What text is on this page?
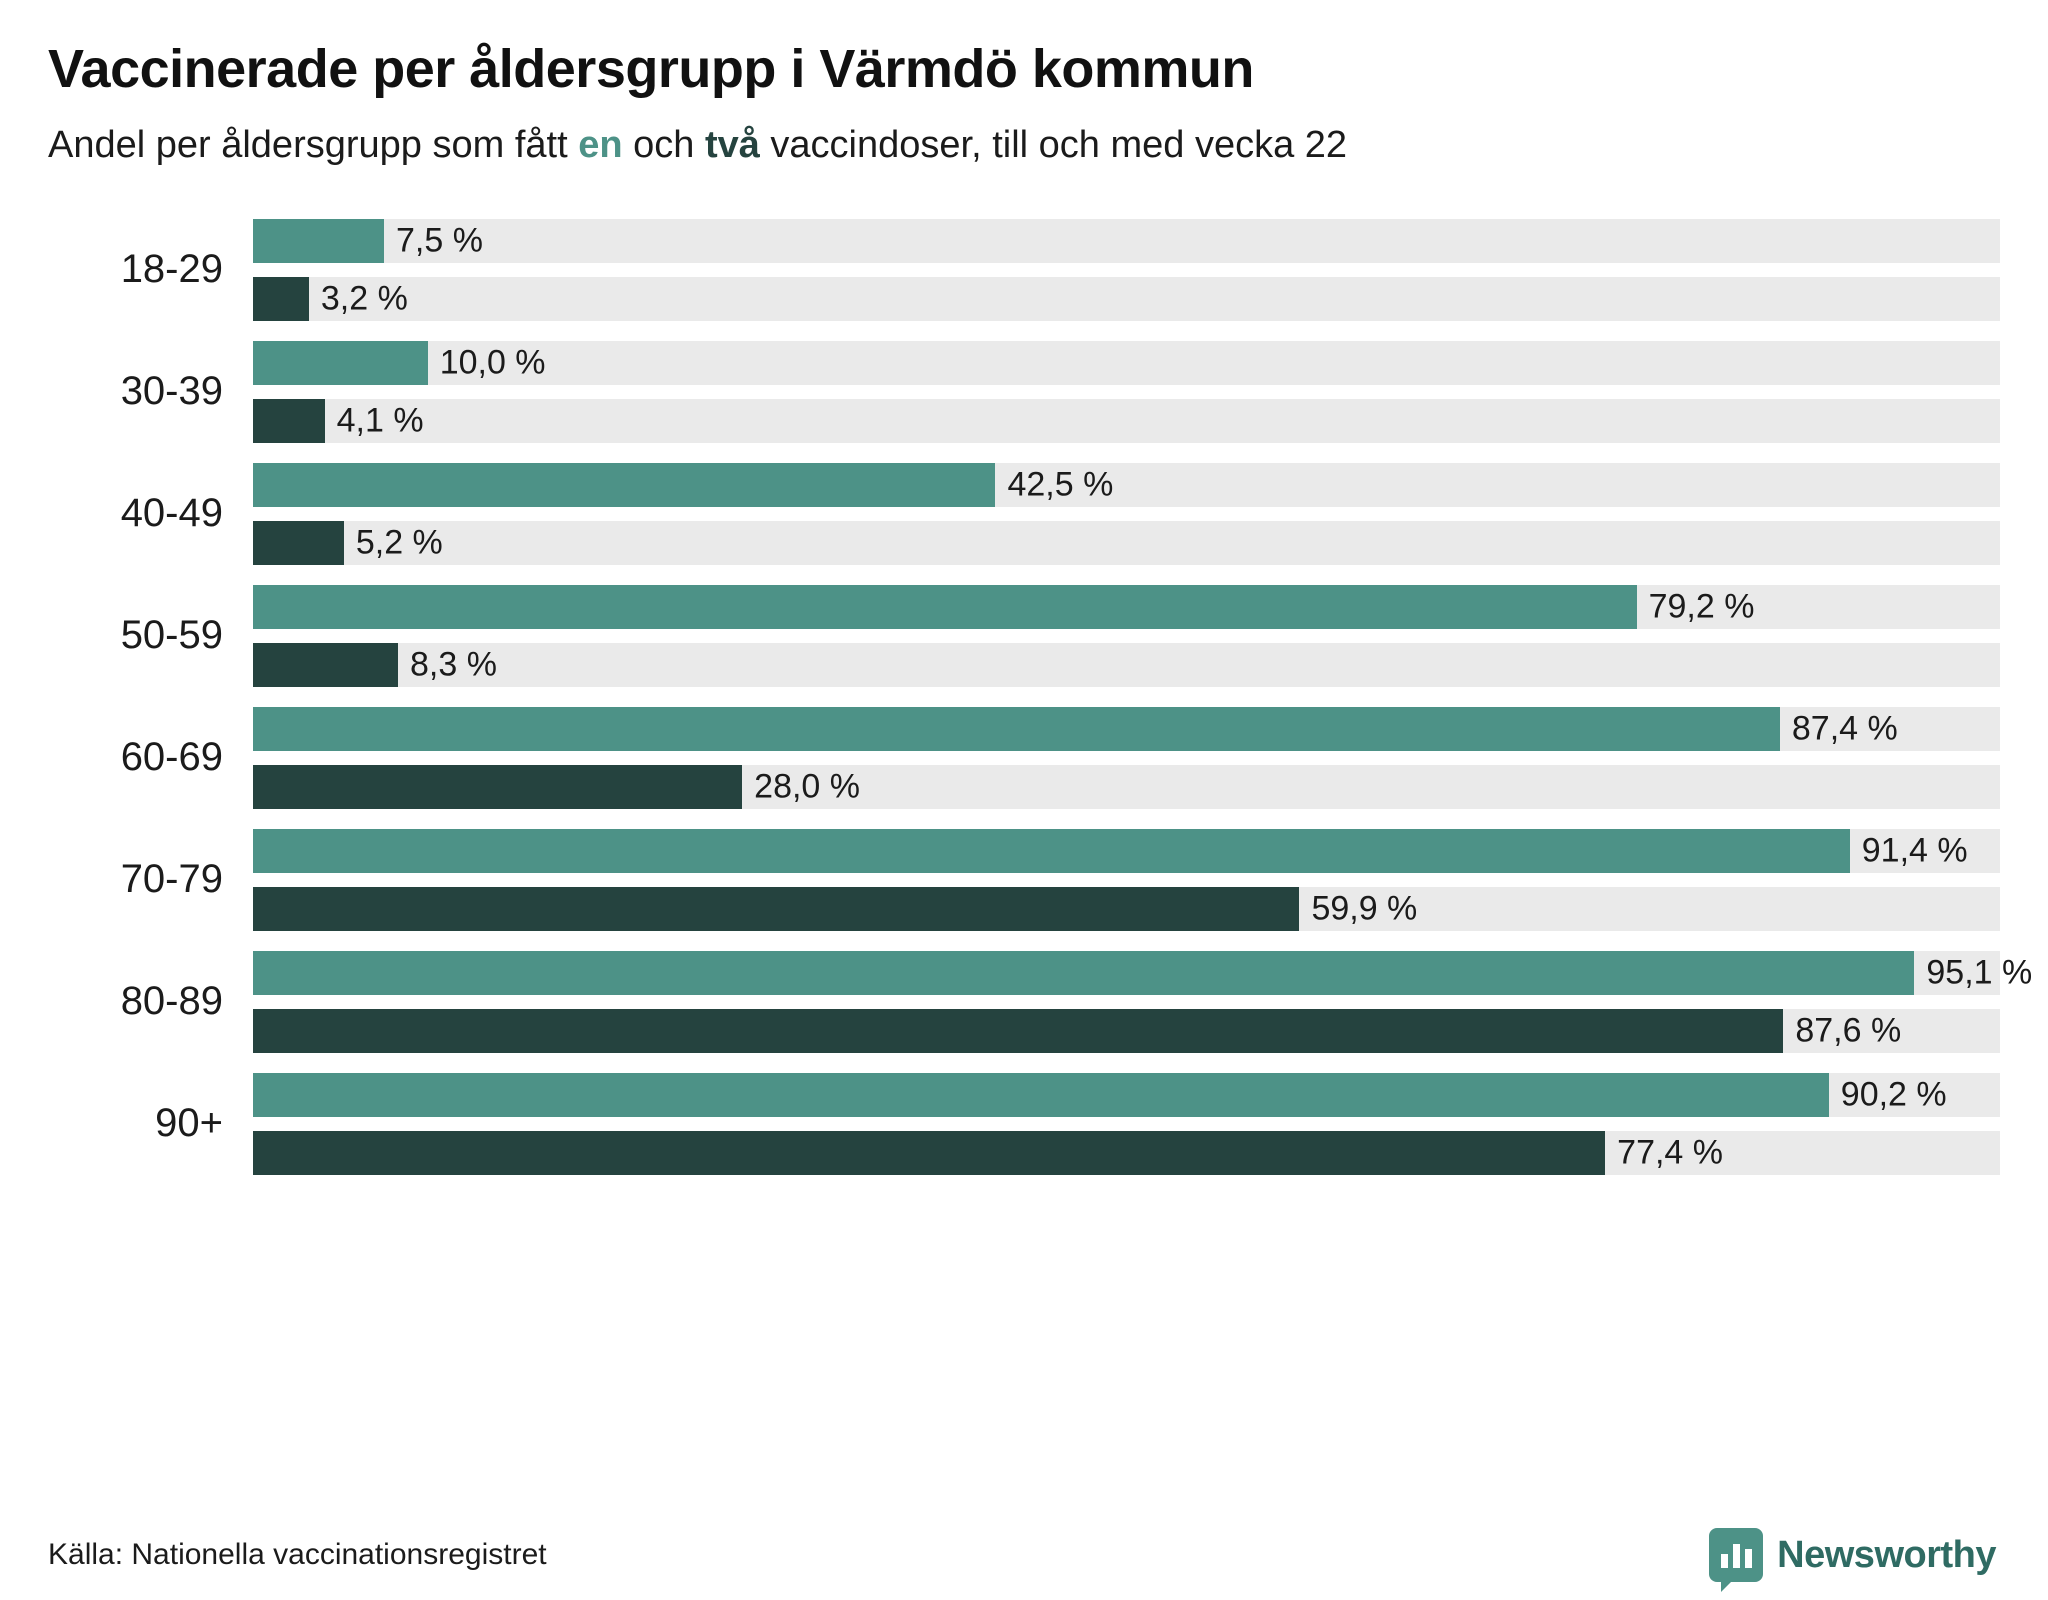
Vaccinerade per åldersgrupp i Värmdö kommun
Andel per åldersgrupp som fått en och två vaccindoser, till och med vecka 22
18-29
7,5 %
3,2 %
30-39
10,0 %
4,1 %
40-49
42,5 %
5,2 %
50-59
79,2 %
8,3 %
60-69
87,4 %
28,0 %
70-79
91,4 %
59,9 %
80-89
95,1 %
87,6 %
90+
90,2 %
77,4 %
Källa: Nationella vaccinationsregistret	Newsworthy
